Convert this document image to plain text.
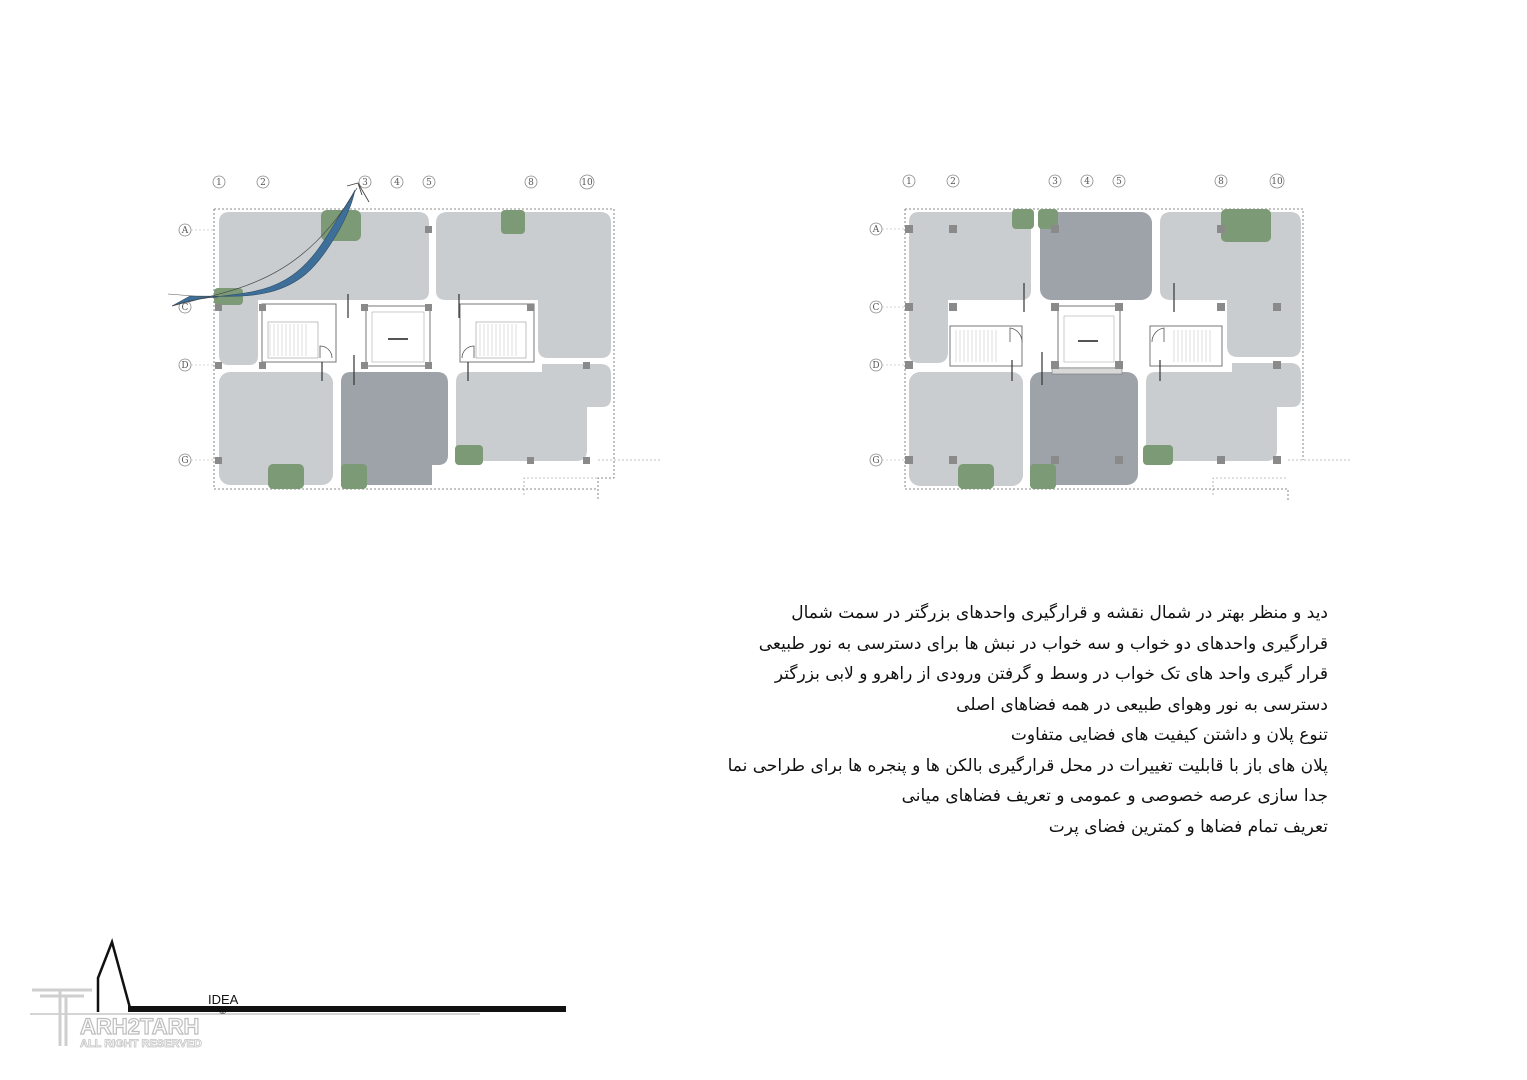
1	2	3	4	5	8	10
A
C
D
G
1	2	3	4	5	8	10
A
C
D
G
دید و منظر بهتر در شمال نقشه و قرارگیری واحدهای بزرگتر در سمت شمال
قرارگیری واحدهای دو خواب و سه خواب در نبش ها برای دسترسی به نور طبیعی
قرار گیری واحد های تک خواب در وسط و گرفتن ورودی از راهرو و لابی بزرگتر
دسترسی به نور وهوای طبیعی در همه فضاهای اصلی
تنوع پلان و داشتن کیفیت های فضایی متفاوت
پلان های باز با قابلیت تغییرات در محل قرارگیری بالکن ها و پنجره ها برای طراحی نما
جدا سازی عرصه خصوصی و عمومی و تعریف فضاهای میانی
تعریف تمام فضاها و کمترین فضای پرت
IDEA
©
ARH2TARH
ALL RIGHT RESERVED
